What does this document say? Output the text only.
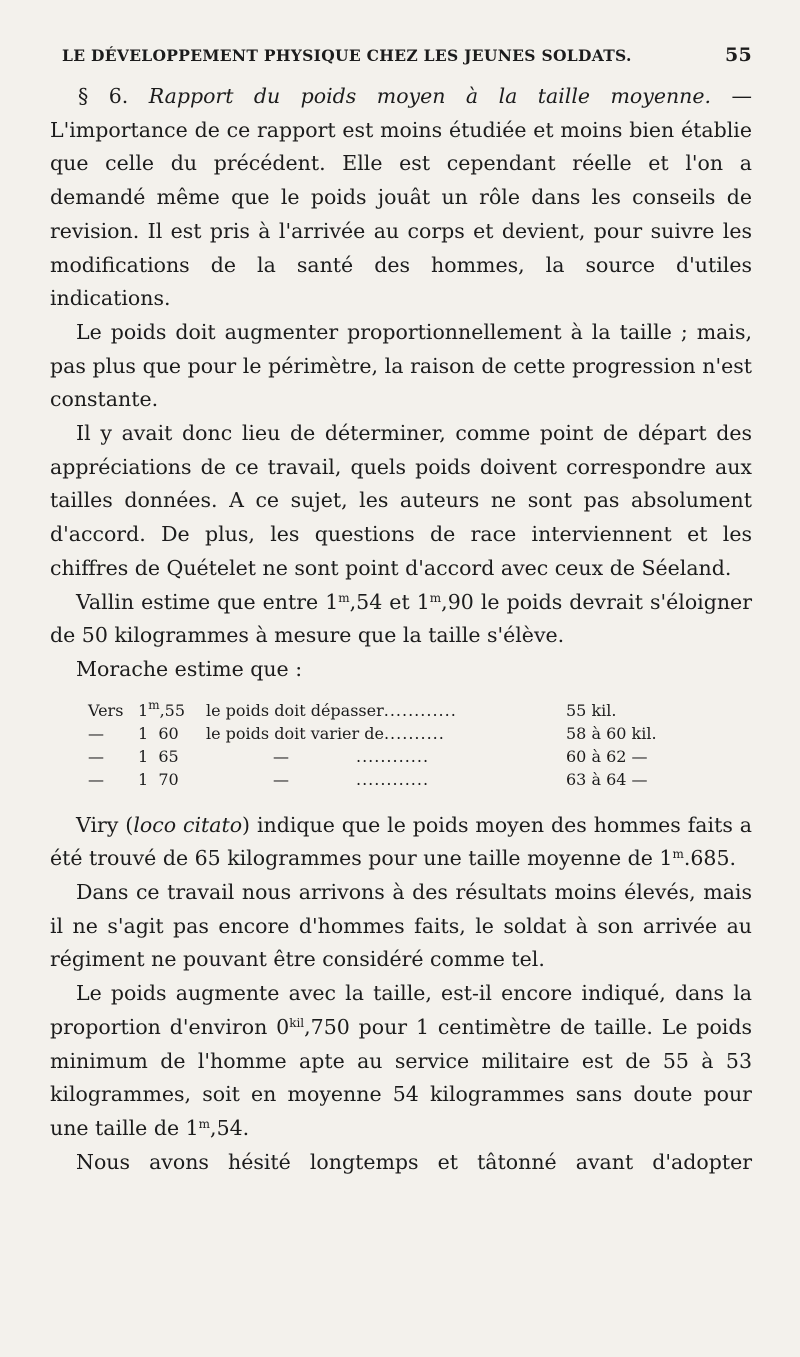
LE DÉVELOPPEMENT PHYSIQUE CHEZ LES JEUNES SOLDATS.	55

§ 6. Rapport du poids moyen à la taille moyenne. — L'importance de ce rapport est moins étudiée et moins bien établie que celle du précédent. Elle est cependant réelle et l'on a demandé même que le poids jouât un rôle dans les conseils de revision. Il est pris à l'arrivée au corps et devient, pour suivre les modifications de la santé des hommes, la source d'utiles indications.

Le poids doit augmenter proportionnellement à la taille ; mais, pas plus que pour le périmètre, la raison de cette progression n'est constante.

Il y avait donc lieu de déterminer, comme point de départ des appréciations de ce travail, quels poids doivent correspondre aux tailles données. A ce sujet, les auteurs ne sont pas absolument d'accord. De plus, les questions de race interviennent et les chiffres de Quételet ne sont point d'accord avec ceux de Séeland.

Vallin estime que entre 1$^m$,54 et 1$^m$,90 le poids devrait s'éloigner de 50 kilogrammes à mesure que la taille s'élève.

Morache estime que :

Vers	1$^m$,55	le poids doit dépasser............	55 kil.
—	1 60	le poids doit varier de..........	58 à 60 kil.
—	1 65	— ............	60 à 62 —
—	1 70	— ............	63 à 64 —

Viry (loco citato) indique que le poids moyen des hommes faits a été trouvé de 65 kilogrammes pour une taille moyenne de 1$^m$.685.

Dans ce travail nous arrivons à des résultats moins élevés, mais il ne s'agit pas encore d'hommes faits, le soldat à son arrivée au régiment ne pouvant être considéré comme tel.

Le poids augmente avec la taille, est-il encore indiqué, dans la proportion d'environ $0^{kil},750$ pour 1 centimètre de taille. Le poids minimum de l'homme apte au service militaire est de 55 à 53 kilogrammes, soit en moyenne 54 kilogrammes sans doute pour une taille de 1$^m$,54.

Nous avons hésité longtemps et tâtonné avant d'adopter
